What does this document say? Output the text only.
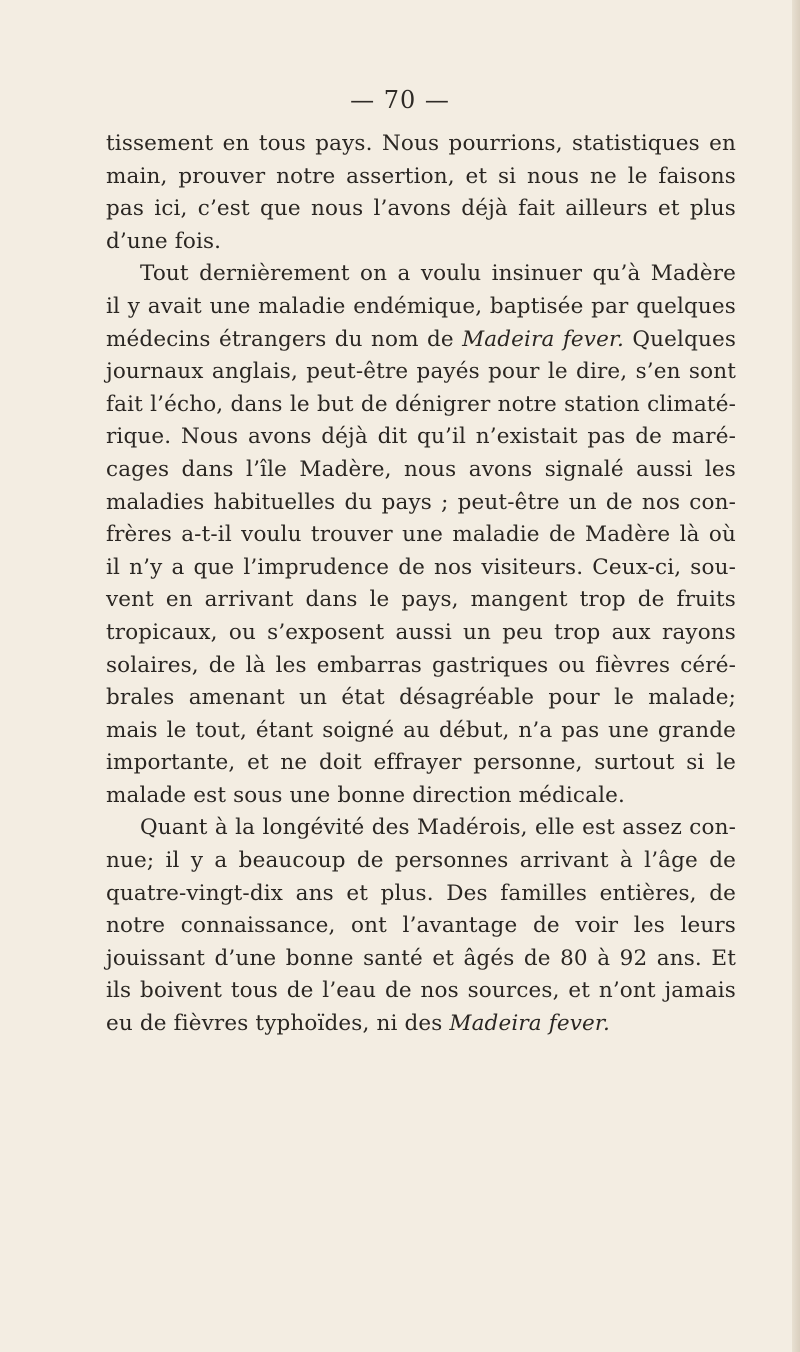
— 70 —
tissement en tous pays. Nous pourrions, statistiques en
main, prouver notre assertion, et si nous ne le faisons
pas ici, c’est que nous l’avons déjà fait ailleurs et plus
d’une fois.
Tout dernièrement on a voulu insinuer qu’à Madère
il y avait une maladie endémique, baptisée par quelques
médecins étrangers du nom de Madeira fever. Quelques
journaux anglais, peut-être payés pour le dire, s’en sont
fait l’écho, dans le but de dénigrer notre station climaté-
rique. Nous avons déjà dit qu’il n’existait pas de maré-
cages dans l’île Madère, nous avons signalé aussi les
maladies habituelles du pays ; peut-être un de nos con-
frères a-t-il voulu trouver une maladie de Madère là où
il n’y a que l’imprudence de nos visiteurs. Ceux-ci, sou-
vent en arrivant dans le pays, mangent trop de fruits
tropicaux, ou s’exposent aussi un peu trop aux rayons
solaires, de là les embarras gastriques ou fièvres céré-
brales amenant un état désagréable pour le malade;
mais le tout, étant soigné au début, n’a pas une grande
importante, et ne doit effrayer personne, surtout si le
malade est sous une bonne direction médicale.
Quant à la longévité des Madérois, elle est assez con-
nue; il y a beaucoup de personnes arrivant à l’âge de
quatre-vingt-dix ans et plus. Des familles entières, de
notre connaissance, ont l’avantage de voir les leurs
jouissant d’une bonne santé et âgés de 80 à 92 ans. Et
ils boivent tous de l’eau de nos sources, et n’ont jamais
eu de fièvres typhoïdes, ni des Madeira fever.
